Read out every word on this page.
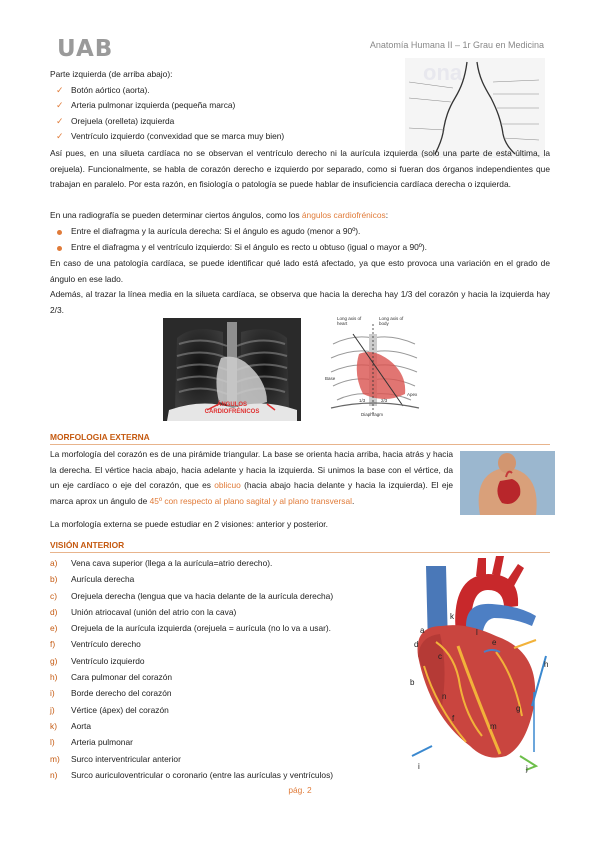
UAB	Anatomía Humana II – 1r Grau en Medicina
ona
Parte izquierda (de arriba abajo):
✓ Botón aórtico (aorta).
✓ Arteria pulmonar izquierda (pequeña marca)
✓ Orejuela (orelleta) izquierda
✓ Ventrículo izquierdo (convexidad que se marca muy bien)
Así pues, en una silueta cardíaca no se observan el ventrículo derecho ni la aurícula izquierda (solo una parte de esta última, la orejuela). Funcionalmente, se habla de corazón derecho e izquierdo por separado, como si fueran dos órganos independientes que trabajan en paralelo. Por esta razón, en fisiología o patología se puede hablar de insuficiencia cardíaca derecha o izquierda.
En una radiografía se pueden determinar ciertos ángulos, como los ángulos cardiofrénicos:
Entre el diafragma y la aurícula derecha: Si el ángulo es agudo (menor a 90º).
Entre el diafragma y el ventrículo izquierdo: Si el ángulo es recto u obtuso (igual o mayor a 90º).
En caso de una patología cardíaca, se puede identificar qué lado está afectado, ya que esto provoca una variación en el grado de ángulo en ese lado.
Además, al trazar la línea media en la silueta cardíaca, se observa que hacia la derecha hay 1/3 del corazón y hacia la izquierda hay 2/3.
ÁNGULOS CARDIOFRÉNICOS
Long axis of heart
Long axis of body
Base
Apex
1/3	2/3
Diaphragm
MORFOLOGIA EXTERNA
La morfología del corazón es de una pirámide triangular. La base se orienta hacia arriba, hacia atrás y hacia la derecha. El vértice hacia abajo, hacia adelante y hacia la izquierda. Si unimos la base con el vértice, da un eje cardíaco o eje del corazón, que es oblicuo (hacia abajo hacia delante y hacia la izquierda). El eje marca aprox un ángulo de 45º con respecto al plano sagital y al plano transversal.
La morfología externa se puede estudiar en 2 visiones: anterior y posterior.
VISIÓN ANTERIOR
a) Vena cava superior (llega a la aurícula=atrio derecho).
b) Aurícula derecha
c) Orejuela derecha (lengua que va hacia delante de la aurícula derecha)
d) Unión atriocaval (unión del atrio con la cava)
e) Orejuela de la aurícula izquierda (orejuela = aurícula (no lo va a usar).
f) Ventrículo derecho
g) Ventrículo izquierdo
h) Cara pulmonar del corazón
i) Borde derecho del corazón
j) Vértice (ápex) del corazón
k) Aorta
l) Arteria pulmonar
m) Surco interventricular anterior
n) Surco auriculoventricular o coronario (entre las aurículas y ventrículos)
a
k
l
d
c
e
h
b
f
g
n
m
i	j
pág. 2
